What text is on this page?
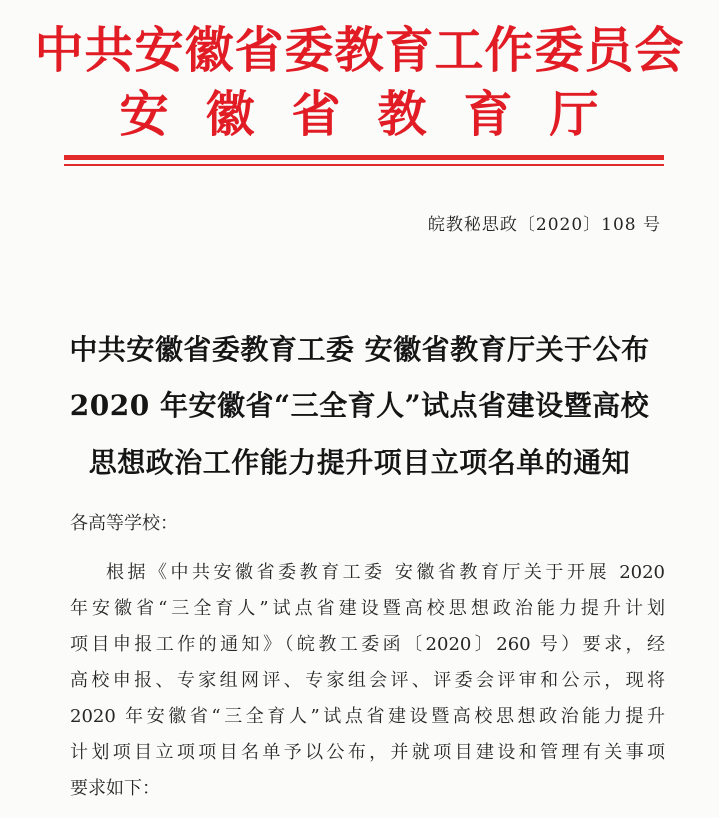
中共安徽省委教育工作委员会
安徽省教育厅
皖教秘思政〔2020〕108 号
中共安徽省委教育工委 安徽省教育厅关于公布
2020 年安徽省“三全育人”试点省建设暨高校
思想政治工作能力提升项目立项名单的通知
各高等学校：
根据《中共安徽省委教育工委 安徽省教育厅关于开展 2020
年安徽省“三全育人”试点省建设暨高校思想政治能力提升计划
项目申报工作的通知》（皖教工委函〔2020〕260 号）要求，经
高校申报、专家组网评、专家组会评、评委会评审和公示，现将
2020 年安徽省“三全育人”试点省建设暨高校思想政治能力提升
计划项目立项项目名单予以公布，并就项目建设和管理有关事项
要求如下：
